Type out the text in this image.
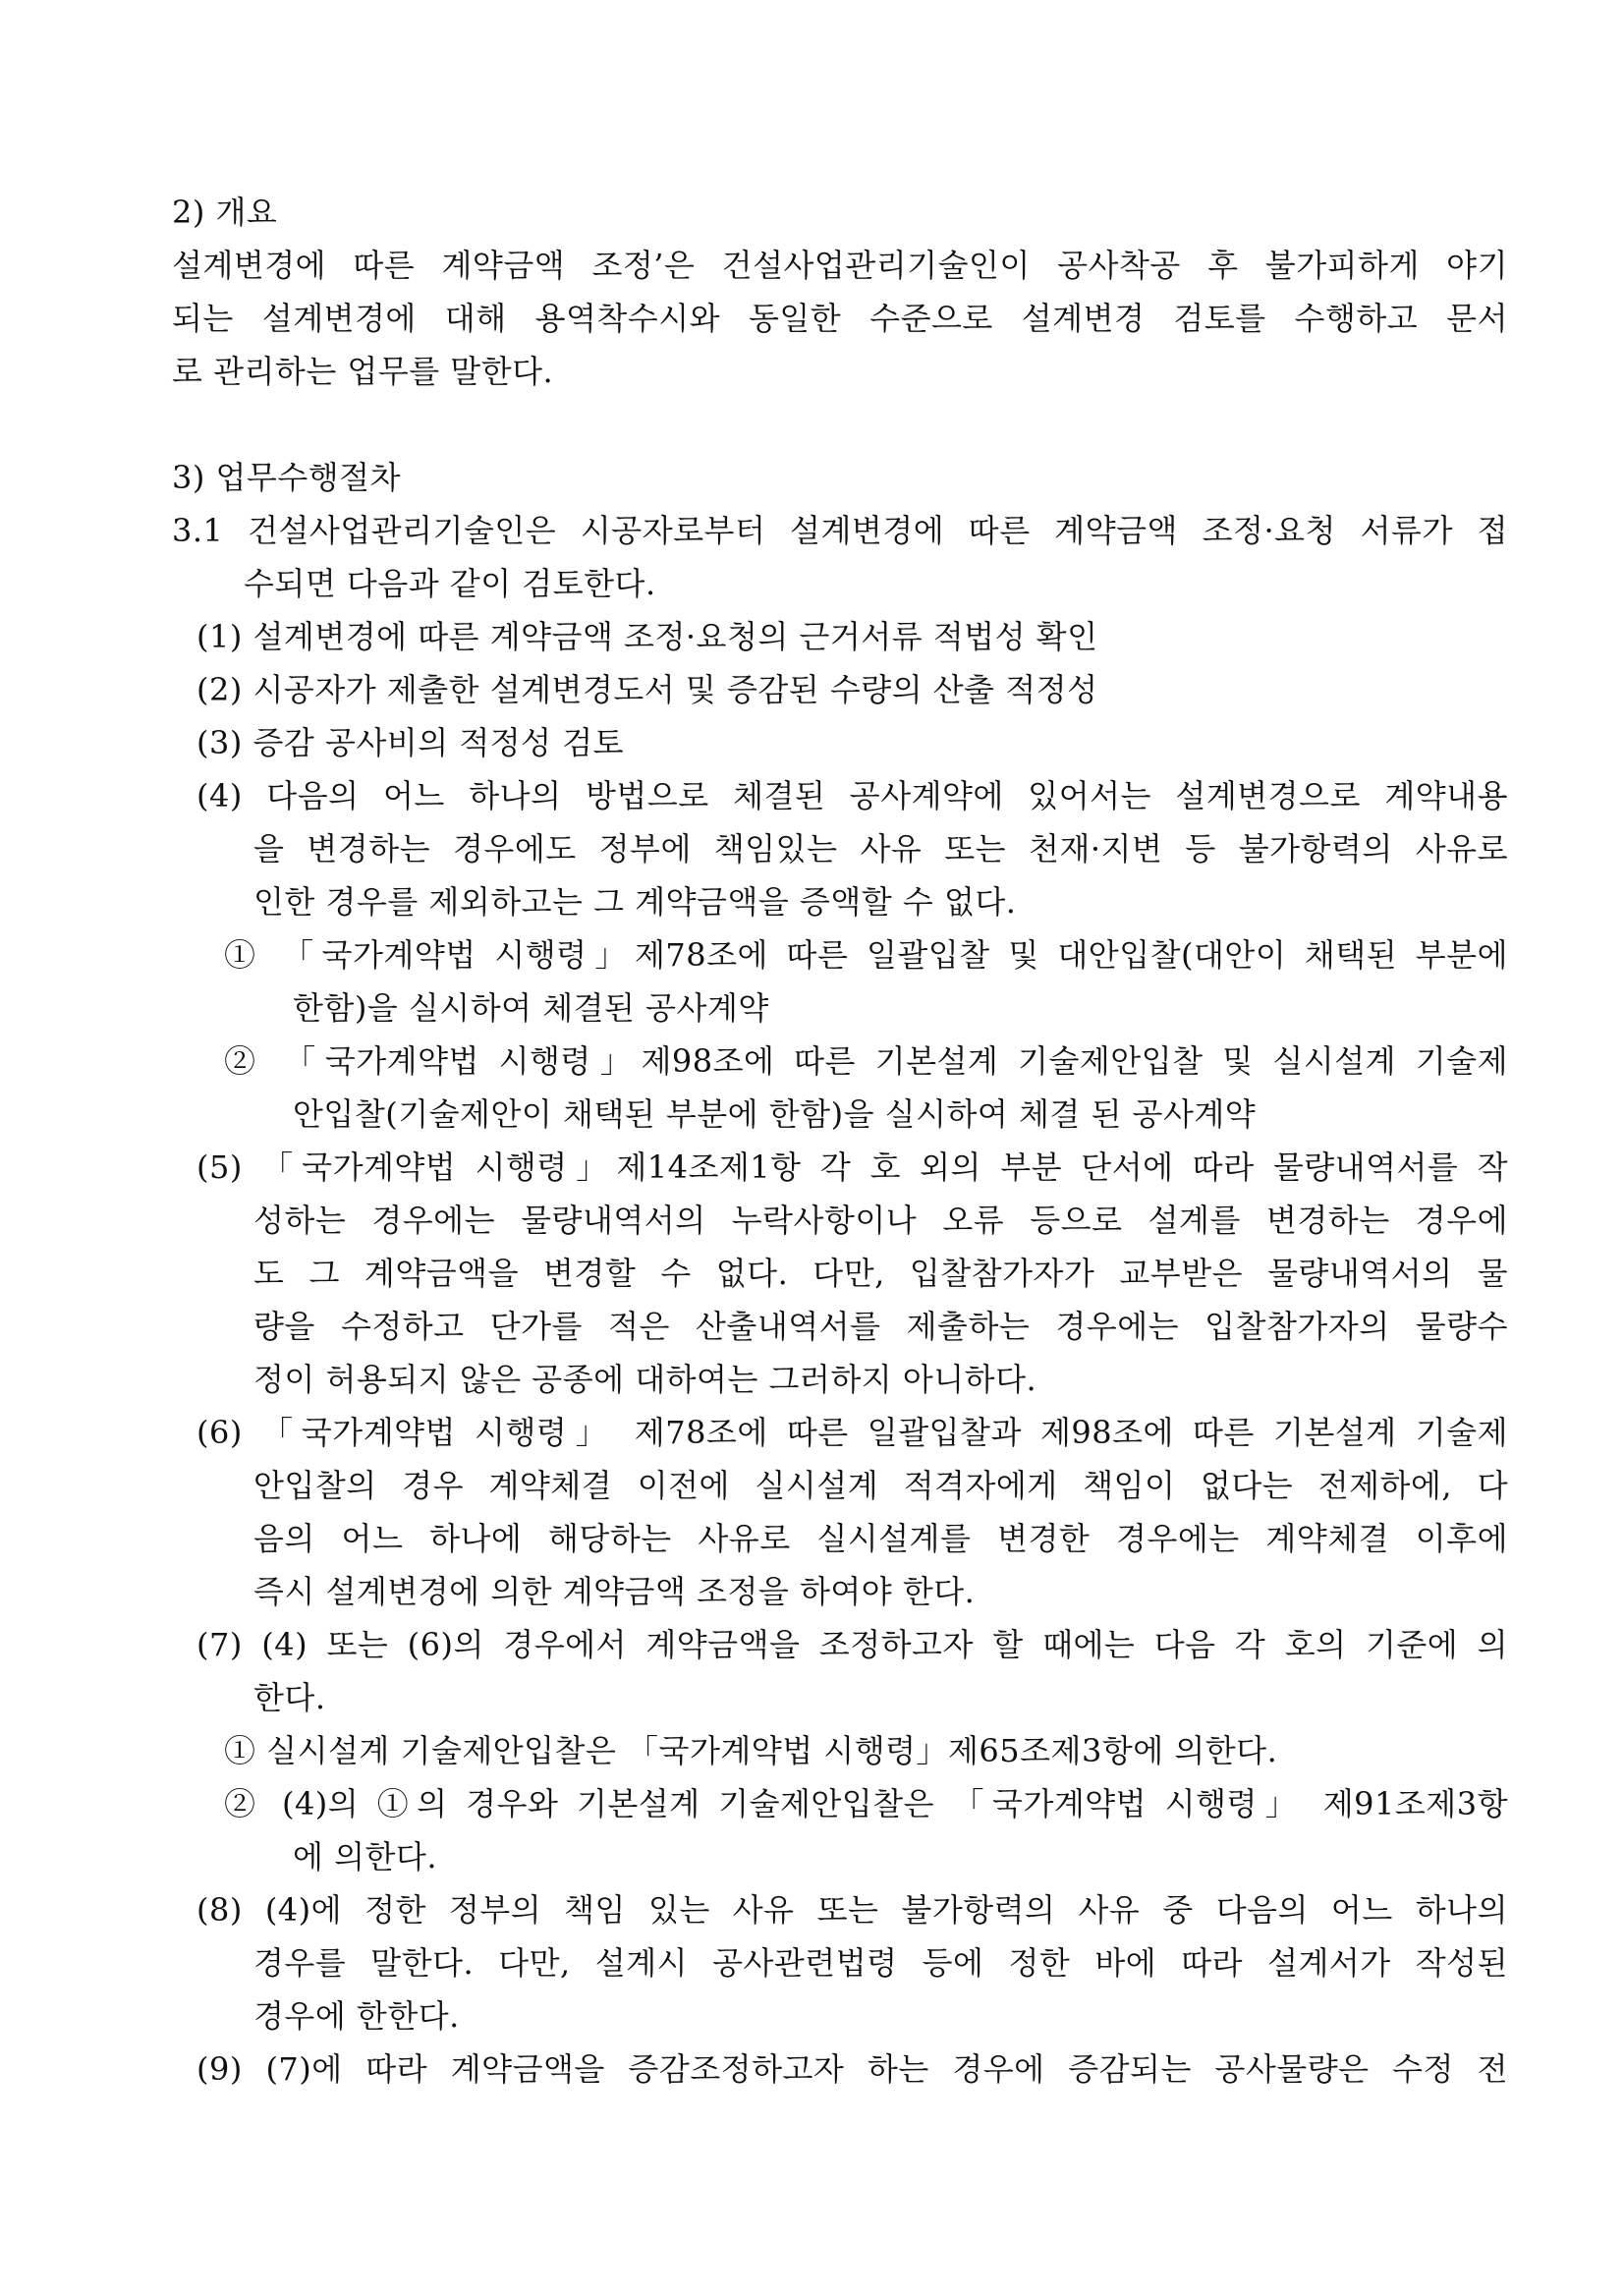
2) 개요
설계변경에 따른 계약금액 조정’은 건설사업관리기술인이 공사착공 후 불가피하게 야기
되는 설계변경에 대해 용역착수시와 동일한 수준으로 설계변경 검토를 수행하고 문서
로 관리하는 업무를 말한다.
3) 업무수행절차
3.1 건설사업관리기술인은 시공자로부터 설계변경에 따른 계약금액 조정·요청 서류가 접
수되면 다음과 같이 검토한다.
(1) 설계변경에 따른 계약금액 조정·요청의 근거서류 적법성 확인
(2) 시공자가 제출한 설계변경도서 및 증감된 수량의 산출 적정성
(3) 증감 공사비의 적정성 검토
(4) 다음의 어느 하나의 방법으로 체결된 공사계약에 있어서는 설계변경으로 계약내용
을 변경하는 경우에도 정부에 책임있는 사유 또는 천재·지변 등 불가항력의 사유로
인한 경우를 제외하고는 그 계약금액을 증액할 수 없다.
① 「국가계약법 시행령」제78조에 따른 일괄입찰 및 대안입찰(대안이 채택된 부분에
한함)을 실시하여 체결된 공사계약
② 「국가계약법 시행령」제98조에 따른 기본설계 기술제안입찰 및 실시설계 기술제
안입찰(기술제안이 채택된 부분에 한함)을 실시하여 체결 된 공사계약
(5) 「국가계약법 시행령」제14조제1항 각 호 외의 부분 단서에 따라 물량내역서를 작
성하는 경우에는 물량내역서의 누락사항이나 오류 등으로 설계를 변경하는 경우에
도 그 계약금액을 변경할 수 없다. 다만, 입찰참가자가 교부받은 물량내역서의 물
량을 수정하고 단가를 적은 산출내역서를 제출하는 경우에는 입찰참가자의 물량수
정이 허용되지 않은 공종에 대하여는 그러하지 아니하다.
(6) 「국가계약법 시행령」 제78조에 따른 일괄입찰과 제98조에 따른 기본설계 기술제
안입찰의 경우 계약체결 이전에 실시설계 적격자에게 책임이 없다는 전제하에, 다
음의 어느 하나에 해당하는 사유로 실시설계를 변경한 경우에는 계약체결 이후에
즉시 설계변경에 의한 계약금액 조정을 하여야 한다.
(7) (4) 또는 (6)의 경우에서 계약금액을 조정하고자 할 때에는 다음 각 호의 기준에 의
한다.
① 실시설계 기술제안입찰은 「국가계약법 시행령」제65조제3항에 의한다.
② (4)의 ①의 경우와 기본설계 기술제안입찰은 「국가계약법 시행령」 제91조제3항
에 의한다.
(8) (4)에 정한 정부의 책임 있는 사유 또는 불가항력의 사유 중 다음의 어느 하나의
경우를 말한다. 다만, 설계시 공사관련법령 등에 정한 바에 따라 설계서가 작성된
경우에 한한다.
(9) (7)에 따라 계약금액을 증감조정하고자 하는 경우에 증감되는 공사물량은 수정 전
